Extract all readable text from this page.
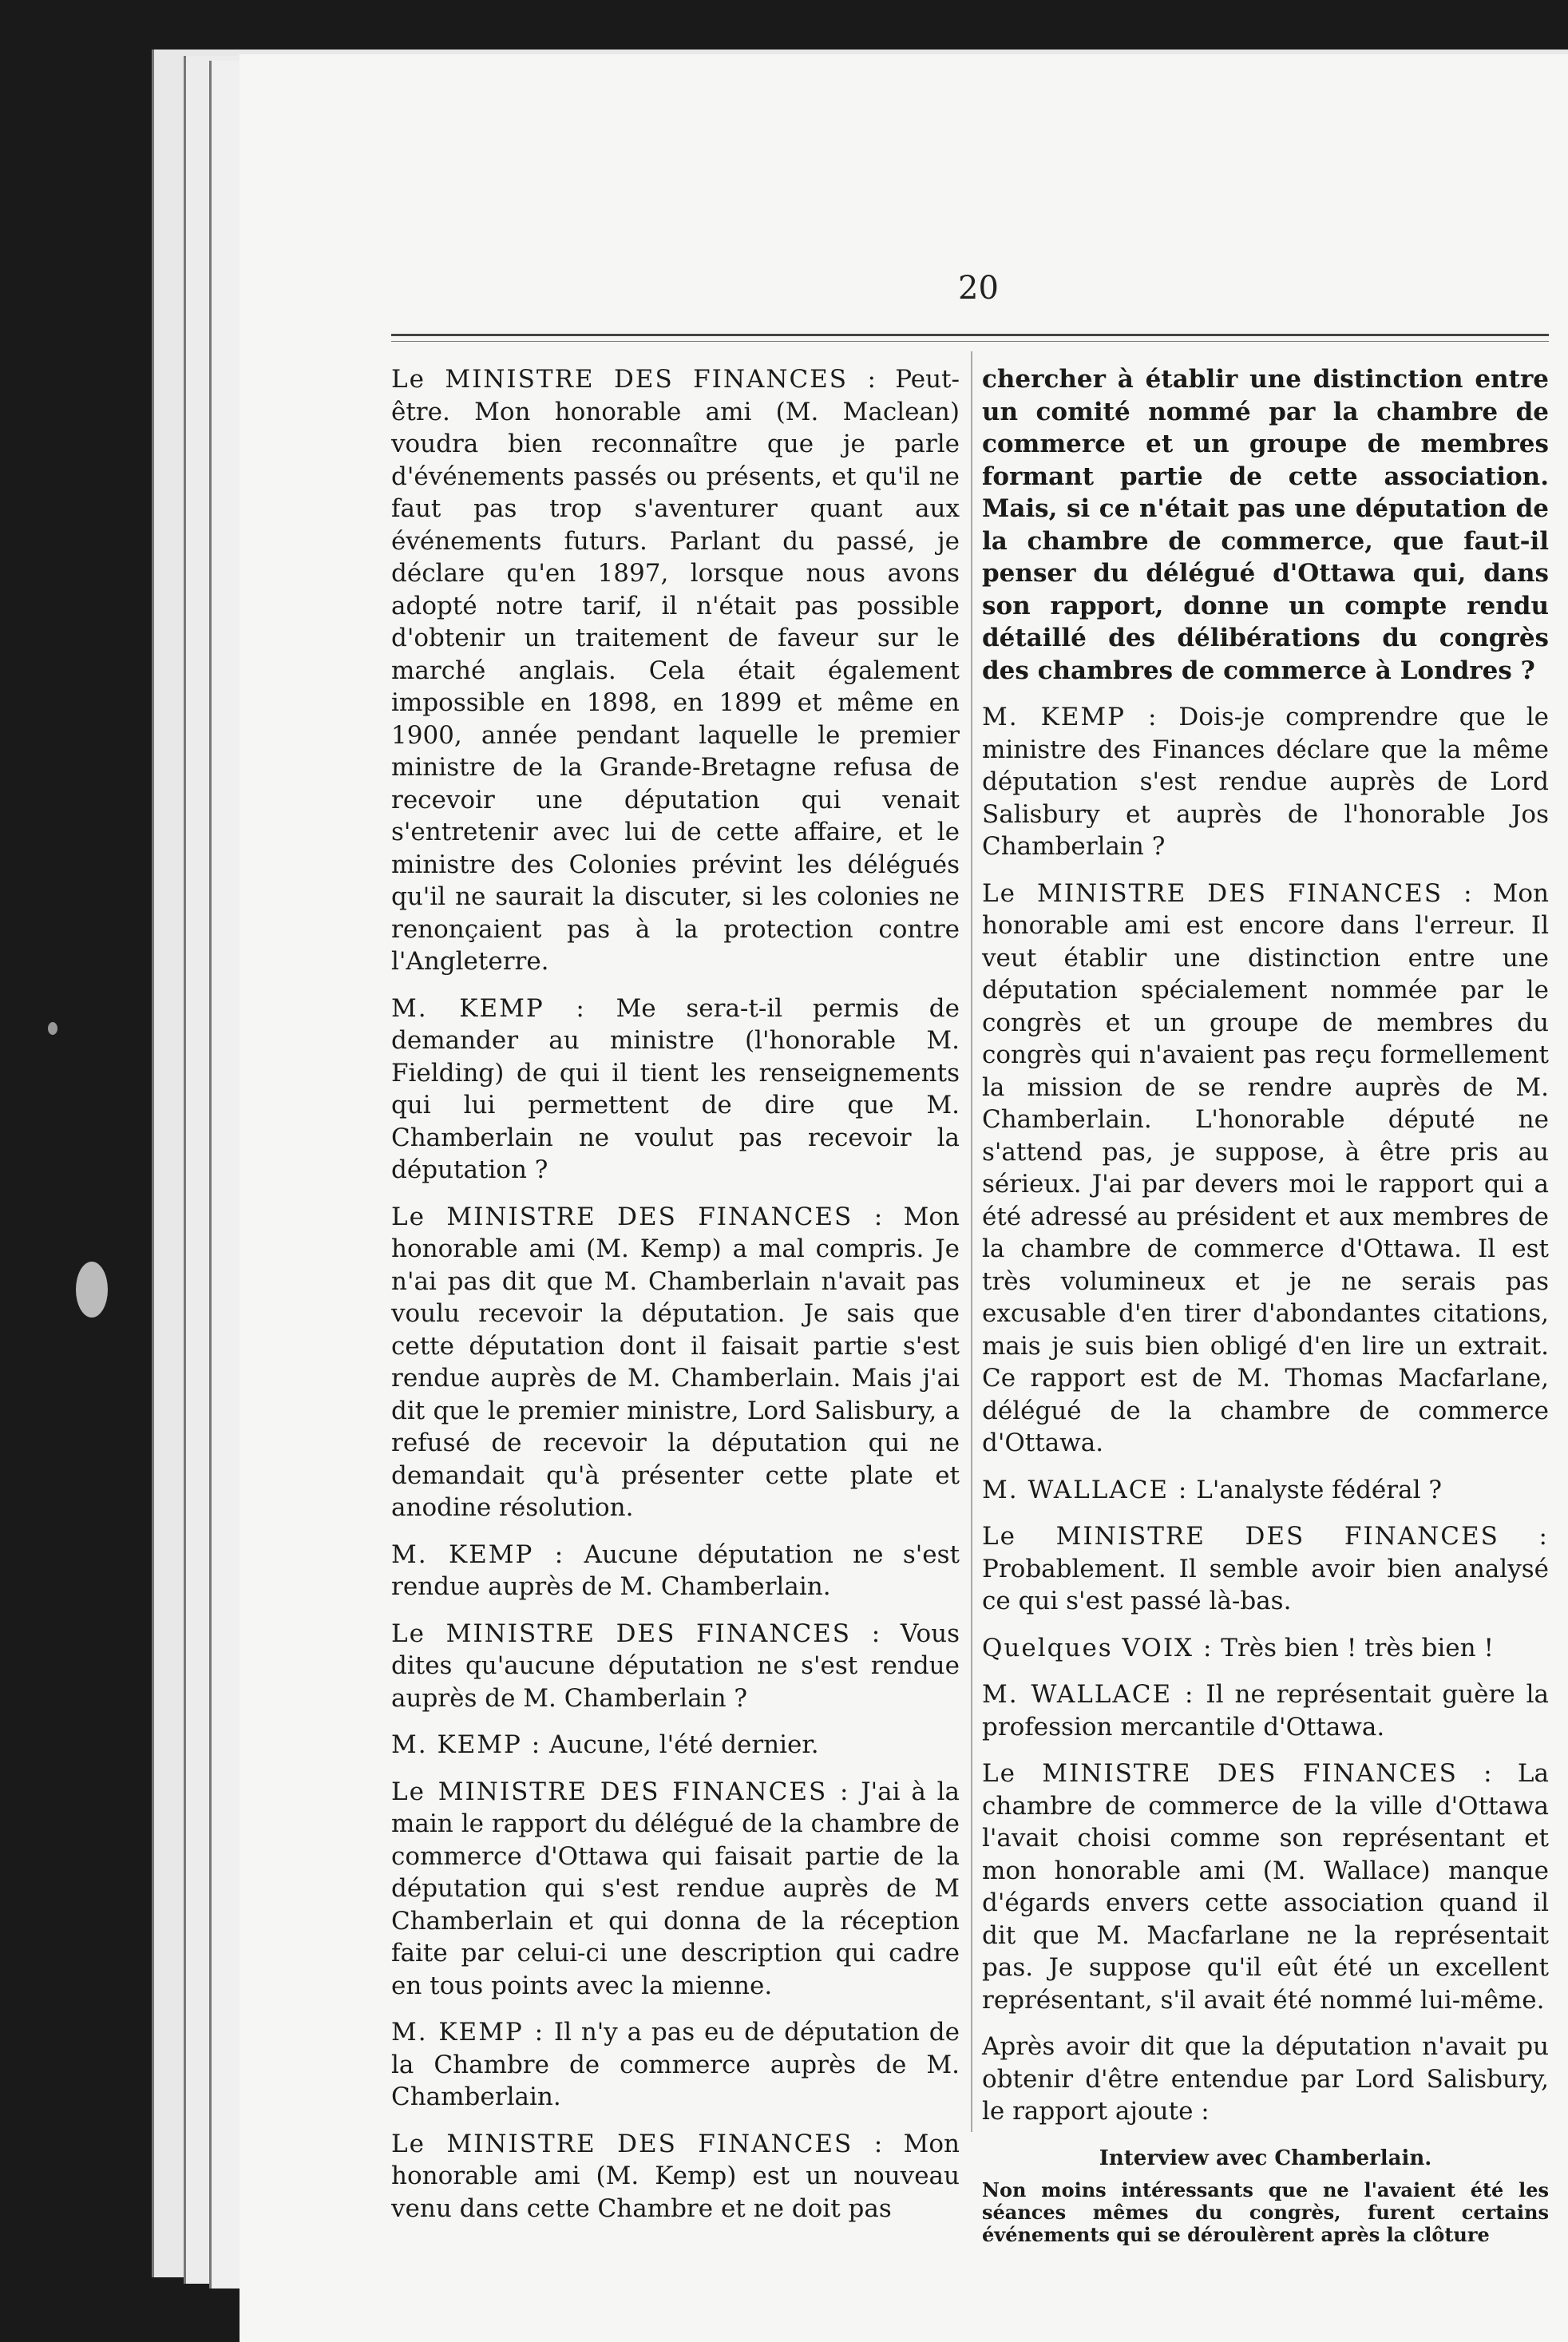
20

Le MINISTRE DES FINANCES : Peut-être. Mon honorable ami (M. Maclean) voudra bien reconnaître que je parle d'événements passés ou présents, et qu'il ne faut pas trop s'aventurer quant aux événements futurs. Parlant du passé, je déclare qu'en 1897, lorsque nous avons adopté notre tarif, il n'était pas possible d'obtenir un traitement de faveur sur le marché anglais. Cela était également impossible en 1898, en 1899 et même en 1900, année pendant laquelle le premier ministre de la Grande-Bretagne refusa de recevoir une députation qui venait s'entretenir avec lui de cette affaire, et le ministre des Colonies prévint les délégués qu'il ne saurait la discuter, si les colonies ne renonçaient pas à la protection contre l'Angleterre.

M. KEMP : Me sera-t-il permis de demander au ministre (l'honorable M. Fielding) de qui il tient les renseignements qui lui permettent de dire que M. Chamberlain ne voulut pas recevoir la députation ?

Le MINISTRE DES FINANCES : Mon honorable ami (M. Kemp) a mal compris. Je n'ai pas dit que M. Chamberlain n'avait pas voulu recevoir la députation. Je sais que cette députation dont il faisait partie s'est rendue auprès de M. Chamberlain. Mais j'ai dit que le premier ministre, Lord Salisbury, a refusé de recevoir la députation qui ne demandait qu'à présenter cette plate et anodine résolution.

M. KEMP : Aucune députation ne s'est rendue auprès de M. Chamberlain.

Le MINISTRE DES FINANCES : Vous dites qu'aucune députation ne s'est rendue auprès de M. Chamberlain ?

M. KEMP : Aucune, l'été dernier.

Le MINISTRE DES FINANCES : J'ai à la main le rapport du délégué de la chambre de commerce d'Ottawa qui faisait partie de la députation qui s'est rendue auprès de M Chamberlain et qui donna de la réception faite par celui-ci une description qui cadre en tous points avec la mienne.

M. KEMP : Il n'y a pas eu de députation de la Chambre de commerce auprès de M. Chamberlain.

Le MINISTRE DES FINANCES : Mon honorable ami (M. Kemp) est un nouveau venu dans cette Chambre et ne doit pas

chercher à établir une distinction entre un comité nommé par la chambre de commerce et un groupe de membres formant partie de cette association. Mais, si ce n'était pas une députation de la chambre de commerce, que faut-il penser du délégué d'Ottawa qui, dans son rapport, donne un compte rendu détaillé des délibérations du congrès des chambres de commerce à Londres ?

M. KEMP : Dois-je comprendre que le ministre des Finances déclare que la même députation s'est rendue auprès de Lord Salisbury et auprès de l'honorable Jos Chamberlain ?

Le MINISTRE DES FINANCES : Mon honorable ami est encore dans l'erreur. Il veut établir une distinction entre une députation spécialement nommée par le congrès et un groupe de membres du congrès qui n'avaient pas reçu formellement la mission de se rendre auprès de M. Chamberlain. L'honorable député ne s'attend pas, je suppose, à être pris au sérieux. J'ai par devers moi le rapport qui a été adressé au président et aux membres de la chambre de commerce d'Ottawa. Il est très volumineux et je ne serais pas excusable d'en tirer d'abondantes citations, mais je suis bien obligé d'en lire un extrait. Ce rapport est de M. Thomas Macfarlane, délégué de la chambre de commerce d'Ottawa.

M. WALLACE : L'analyste fédéral ?

Le MINISTRE DES FINANCES : Probablement. Il semble avoir bien analysé ce qui s'est passé là-bas.

Quelques VOIX : Très bien ! très bien !

M. WALLACE : Il ne représentait guère la profession mercantile d'Ottawa.

Le MINISTRE DES FINANCES : La chambre de commerce de la ville d'Ottawa l'avait choisi comme son représentant et mon honorable ami (M. Wallace) manque d'égards envers cette association quand il dit que M. Macfarlane ne la représentait pas. Je suppose qu'il eût été un excellent représentant, s'il avait été nommé lui-même.

Après avoir dit que la députation n'avait pu obtenir d'être entendue par Lord Salisbury, le rapport ajoute :

Interview avec Chamberlain.
Non moins intéressants que ne l'avaient été les séances mêmes du congrès, furent certains événements qui se déroulèrent après la clôture
